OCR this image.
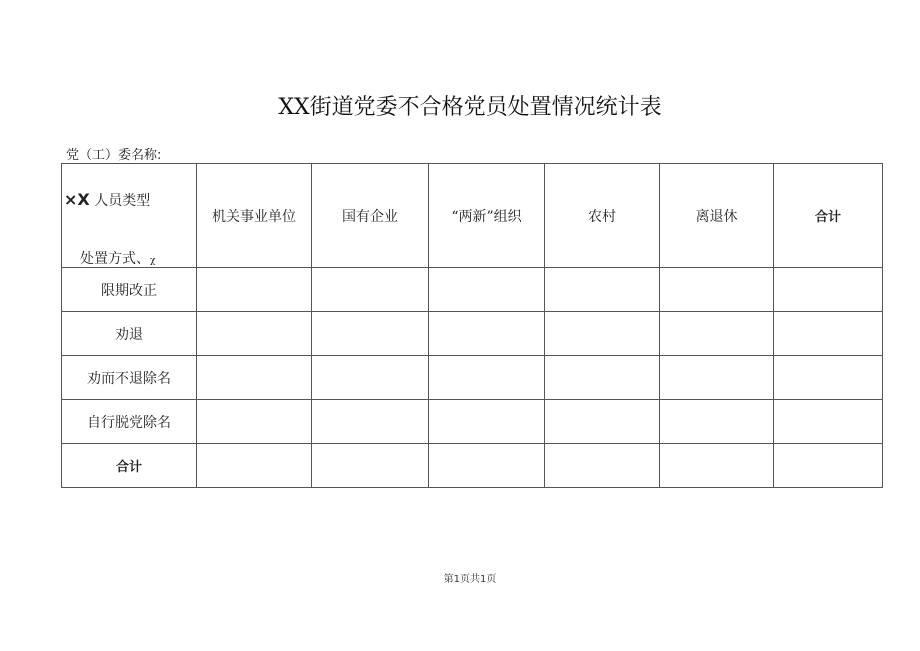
XX街道党委不合格党员处置情况统计表
党（工）委名称:
×X 人员类型
处置方式、χ	机关事业单位	国有企业	“两新”组织	农村	离退休	合计
限期改正						
劝退						
劝而不退除名						
自行脱党除名						
合计						
第1页共1页
